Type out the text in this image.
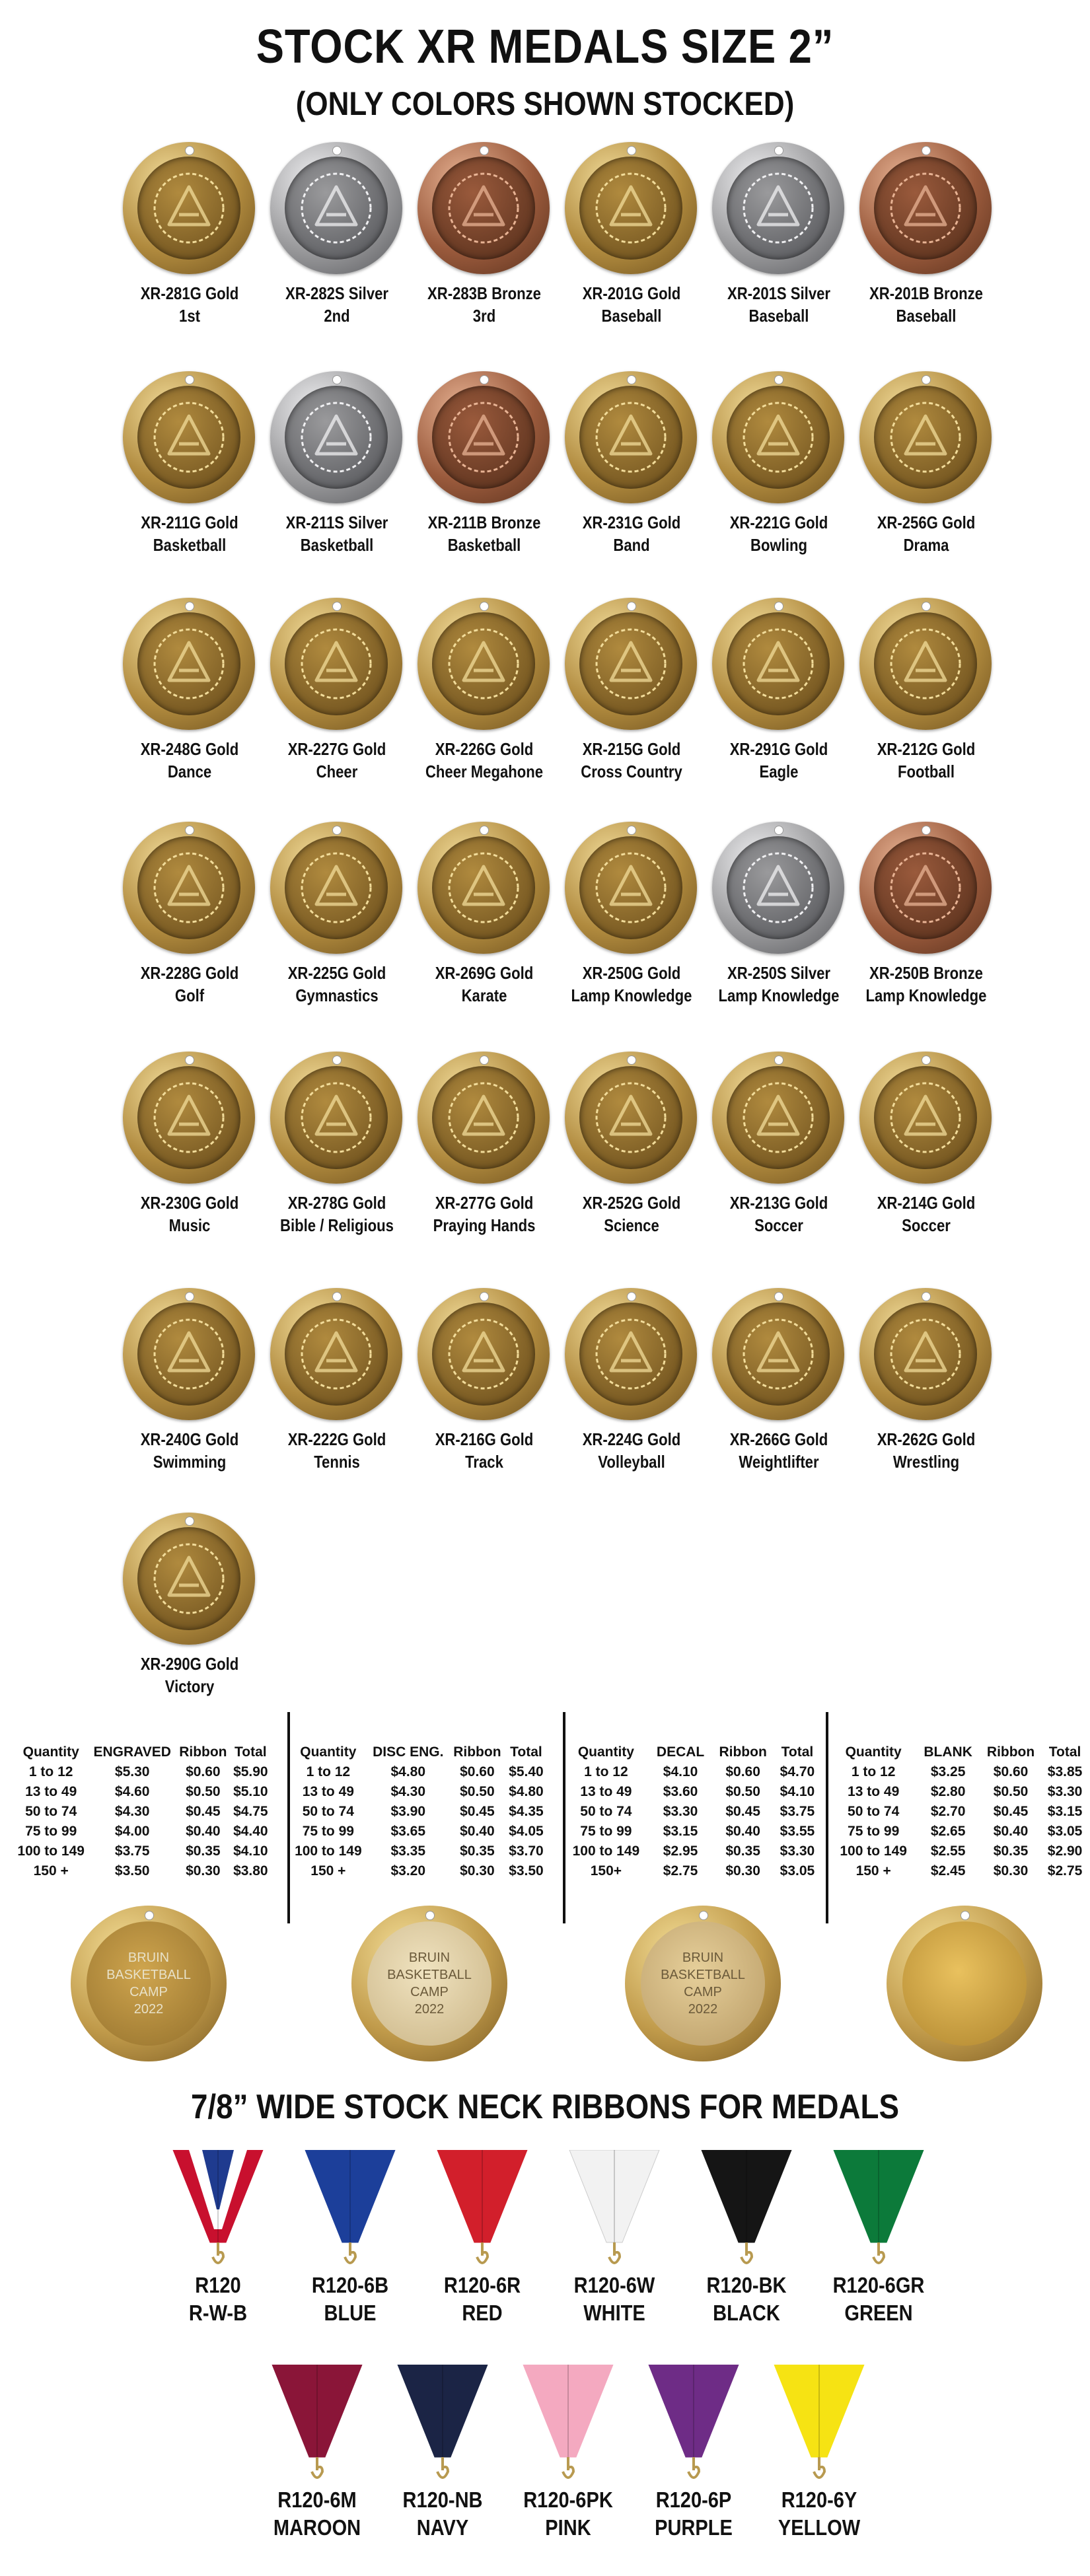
STOCK XR MEDALS SIZE 2”
(ONLY COLORS SHOWN STOCKED)
XR-281G Gold
1st
XR-282S Silver
2nd
XR-283B Bronze
3rd
XR-201G Gold
Baseball
XR-201S Silver
Baseball
XR-201B Bronze
Baseball
XR-211G Gold
Basketball
XR-211S Silver
Basketball
XR-211B Bronze
Basketball
XR-231G Gold
Band
XR-221G Gold
Bowling
XR-256G Gold
Drama
XR-248G Gold
Dance
XR-227G Gold
Cheer
XR-226G Gold
Cheer Megahone
XR-215G Gold
Cross Country
XR-291G Gold
Eagle
XR-212G Gold
Football
XR-228G Gold
Golf
XR-225G Gold
Gymnastics
XR-269G Gold
Karate
XR-250G Gold
Lamp Knowledge
XR-250S Silver
Lamp Knowledge
XR-250B Bronze
Lamp Knowledge
XR-230G Gold
Music
XR-278G Gold
Bible / Religious
XR-277G Gold
Praying Hands
XR-252G Gold
Science
XR-213G Gold
Soccer
XR-214G Gold
Soccer
XR-240G Gold
Swimming
XR-222G Gold
Tennis
XR-216G Gold
Track
XR-224G Gold
Volleyball
XR-266G Gold
Weightlifter
XR-262G Gold
Wrestling
XR-290G Gold
Victory
Quantity	ENGRAVED	Ribbon	Total
1 to 12	$5.30	$0.60	$5.90
13 to 49	$4.60	$0.50	$5.10
50 to 74	$4.30	$0.45	$4.75
75 to 99	$4.00	$0.40	$4.40
100 to 149	$3.75	$0.35	$4.10
150 +	$3.50	$0.30	$3.80
BRUIN
BASKETBALL
CAMP
2022
Quantity	DISC ENG.	Ribbon	Total
1 to 12	$4.80	$0.60	$5.40
13 to 49	$4.30	$0.50	$4.80
50 to 74	$3.90	$0.45	$4.35
75 to 99	$3.65	$0.40	$4.05
100 to 149	$3.35	$0.35	$3.70
150 +	$3.20	$0.30	$3.50
BRUIN
BASKETBALL
CAMP
2022
Quantity	DECAL	Ribbon	Total
1 to 12	$4.10	$0.60	$4.70
13 to 49	$3.60	$0.50	$4.10
50 to 74	$3.30	$0.45	$3.75
75 to 99	$3.15	$0.40	$3.55
100 to 149	$2.95	$0.35	$3.30
150+	$2.75	$0.30	$3.05
BRUIN
BASKETBALL
CAMP
2022
Quantity	BLANK	Ribbon	Total
1 to 12	$3.25	$0.60	$3.85
13 to 49	$2.80	$0.50	$3.30
50 to 74	$2.70	$0.45	$3.15
75 to 99	$2.65	$0.40	$3.05
100 to 149	$2.55	$0.35	$2.90
150 +	$2.45	$0.30	$2.75
7/8” WIDE STOCK NECK RIBBONS FOR MEDALS
R120
R-W-B
R120-6B
BLUE
R120-6R
RED
R120-6W
WHITE
R120-BK
BLACK
R120-6GR
GREEN
R120-6M
MAROON
R120-NB
NAVY
R120-6PK
PINK
R120-6P
PURPLE
R120-6Y
YELLOW
